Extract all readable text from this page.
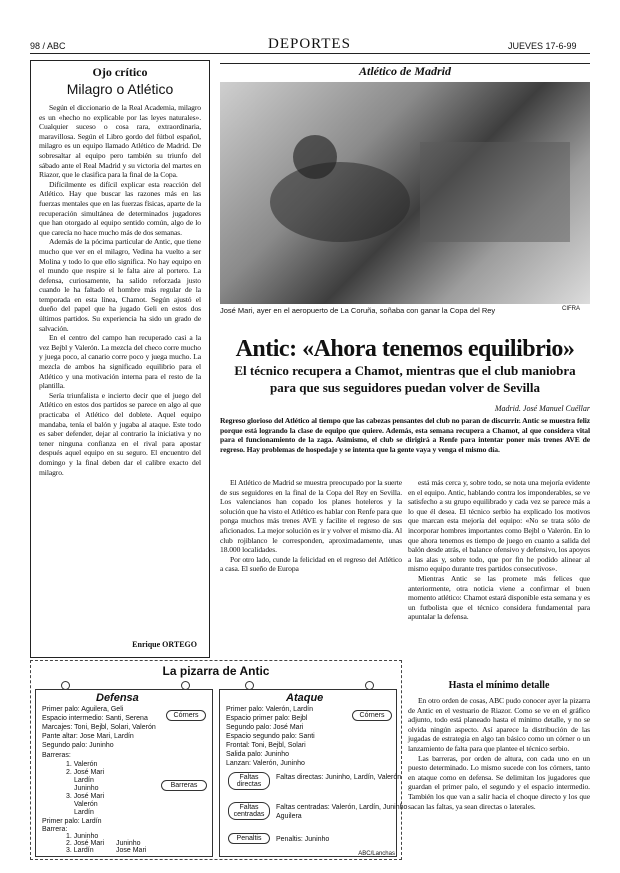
98 / ABC	DEPORTES	JUEVES 17-6-99
Ojo crítico
Milagro o Atlético

Según el diccionario de la Real Academia, milagro es un «hecho no explicable por las leyes naturales». Cualquier suceso o cosa rara, extraordinaria, maravillosa. Según el Libro gordo del fútbol español, milagro es un equipo llamado Atlético de Madrid. De sobresaltar al equipo pero también su triunfo del sábado ante el Real Madrid y su victoria del martes en Riazor, que le clasifica para la final de la Copa.

Difícilmente es difícil explicar esta reacción del Atlético. Hay que buscar las razones más en las fuerzas mentales que en las fuerzas físicas, aparte de la recuperación simultánea de determinados jugadores que han otorgado al equipo sentido común, algo de lo que carecía no hace mucho más de dos semanas.

Además de la pócima particular de Antic, que tiene mucho que ver en el milagro, Vedina ha vuelto a ser Molina y todo lo que ello significa. No hay equipo en el mundo que respire si le falta aire al portero. La defensa, curiosamente, ha salido reforzada justo cuando le ha faltado el hombre más regular de la temporada en esta línea, Chamot. Según ajustó el dueño del papel que ha jugado Geli en estos dos últimos partidos. Su experiencia ha sido un grado de salvación.

En el centro del campo han recuperado casi a la vez Bejbl y Valerón. La mezcla del checo corre mucho y juega poco, al canario corre poco y juega mucho. La mezcla de ambos ha significado equilibrio para el Atlético y una motivación interna para el resto de la plantilla.

Sería triunfalista e incierto decir que el juego del Atlético en estos dos partidos se parece en algo al que practicaba el Atlético del doblete. Aquel equipo mandaba, tenía el balón y jugaba al ataque. Este todo es saber defender, dejar al contrario la iniciativa y no tener ninguna confianza en el rival para apostar después aquel equipo en su seguro. El encuentro del domingo y la final deben dar el calibre exacto del milagro.

Enrique ORTEGO
Atlético de Madrid
José Mari, ayer en el aeropuerto de La Coruña, soñaba con ganar la Copa del Rey	CIFRA
Antic: «Ahora tenemos equilibrio»
El técnico recupera a Chamot, mientras que el club maniobra para que sus seguidores puedan volver de Sevilla
Madrid. José Manuel Cuéllar
Regreso glorioso del Atlético al tiempo que las cabezas pensantes del club no paran de discurrir. Antic se muestra feliz porque está logrando la clase de equipo que quiere. Además, esta semana recupera a Chamot, al que considera vital para el funcionamiento de la zaga. Asimismo, el club se dirigirá a Renfe para intentar poner más trenes AVE de regreso. Hay problemas de hospedaje y se intenta que la gente vaya y venga el mismo día.

El Atlético de Madrid se muestra preocupado por la suerte de sus seguidores en la final de la Copa del Rey en Sevilla. Los valencianos han copado los planes hoteleros y la solución que ha visto el Atlético es hablar con Renfe para que ponga muchos más trenes AVE y facilite el regreso de sus aficionados. La mejor solución es ir y volver el mismo día. Al club rojiblanco le corresponden, aproximadamente, unas 18.000 localidades.

Por otro lado, cunde la felicidad en el regreso del Atlético a casa. El sueño de Europa

está más cerca y, sobre todo, se nota una mejoría evidente en el equipo. Antic, hablando contra los imponderables, se ve satisfecho a su grupo equilibrado y cada vez se parece más a lo que él desea. El técnico serbio ha explicado los motivos que marcan esta mejoría del equipo: «No se trata sólo de incorporar hombres importantes como Bejbl o Valerón. En lo que ahora tenemos es tiempo de juego en cuanto a salida del balón desde atrás, el balance ofensivo y defensivo, los apoyos a las alas y, sobre todo, que por fin he podido alinear al mismo equipo durante tres partidos consecutivos».

Mientras Antic se las promete más felices que anteriormente, otra noticia viene a confirmar el buen momento atlético: Chamot estará disponible esta semana y es un futbolista que el técnico considera fundamental para apuntalar la defensa.

Hasta el mínimo detalle

En otro orden de cosas, ABC pudo conocer ayer la pizarra de Antic en el vestuario de Riazor. Como se ve en el gráfico adjunto, todo está planeado hasta el mínimo detalle, y no se olvida ningún aspecto. Así aparece la distribución de las jugadas de estrategia en algo tan básico como un córner o un lanzamiento de falta para que plantee el técnico serbio.

Las barreras, por orden de altura, con cada uno en un puesto determinado. Lo mismo sucede con los córners, tanto en ataque como en defensa. Se delimitan los jugadores que guardan el primer palo, el segundo y el espacio intermedio. También los que van a salir hacia el choque directo y los que sacan las faltas, ya sean directas o laterales.

La pizarra de Antic
Defensa
Primer palo: Aguilera, Geli
Espacio intermedio: Santi, Serena
Marcajes: Toni, Bejbl, Solari, Valerón
Pante altar: Jose Mari, Lardín
Segundo palo: Juninho
Barreras:
1. Valerón
2. José Mari
Lardín
Juninho
3. José Mari
Valerón
Lardín
Primer palo: Lardín
Barrera:
1. Juninho
2. José Mari
3. Lardín
Juninho
Jose Mari
Córners
Barreras
Ataque
Primer palo: Valerón, Lardín
Espacio primer palo: Bejbl
Segundo palo: José Mari
Espacio segundo palo: Santi
Frontal: Toni, Bejbl, Solari
Salida palo: Juninho
Lanzan: Valerón, Juninho
Faltas directas: Juninho, Lardín, Valerón
Faltas centradas: Valerón, Lardín, Juninho
Aguilera
Penaltis: Juninho
Córners
Faltas directas
Faltas centradas
Penaltis
ABC/Lanchas
